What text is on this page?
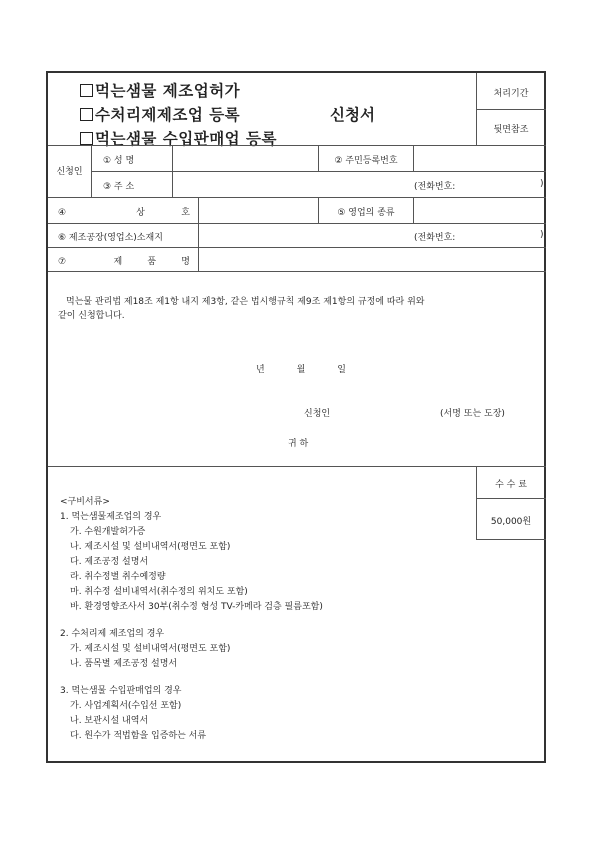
먹는샘물 제조업허가
수처리제제조업 등록	신청서
먹는샘물 수입판매업 등록
처리기간
뒷면참조
신청인
① 성 명	② 주민등록번호
③ 주 소	(전화번호:	)
④ 상 호	⑤ 영업의 종류
⑥ 제조공장(영업소)소재지	(전화번호:	)
⑦ 제 품 명
먹는물 관리법 제18조 제1항 내지 제3항, 같은 법시행규칙 제9조 제1항의 규정에 따라 위와
같이 신청합니다.
년 월 일
신청인	(서명 또는 도장)
귀 하
수 수 료
50,000원
<구비서류>
1. 먹는샘물제조업의 경우
가. 수원개발허가증
나. 제조시설 및 설비내역서(평면도 포함)
다. 제조공정 설명서
라. 취수정별 취수예정량
마. 취수정 설비내역서(취수정의 위치도 포함)
바. 환경영향조사서 30부(취수정 형성 TV-카메라 검층 필름포함)
2. 수처리제 제조업의 경우
가. 제조시설 및 설비내역서(평면도 포함)
나. 품목별 제조공정 설명서
3. 먹는샘물 수입판매업의 경우
가. 사업계획서(수입선 포함)
나. 보관시설 내역서
다. 원수가 적법함을 입증하는 서류
